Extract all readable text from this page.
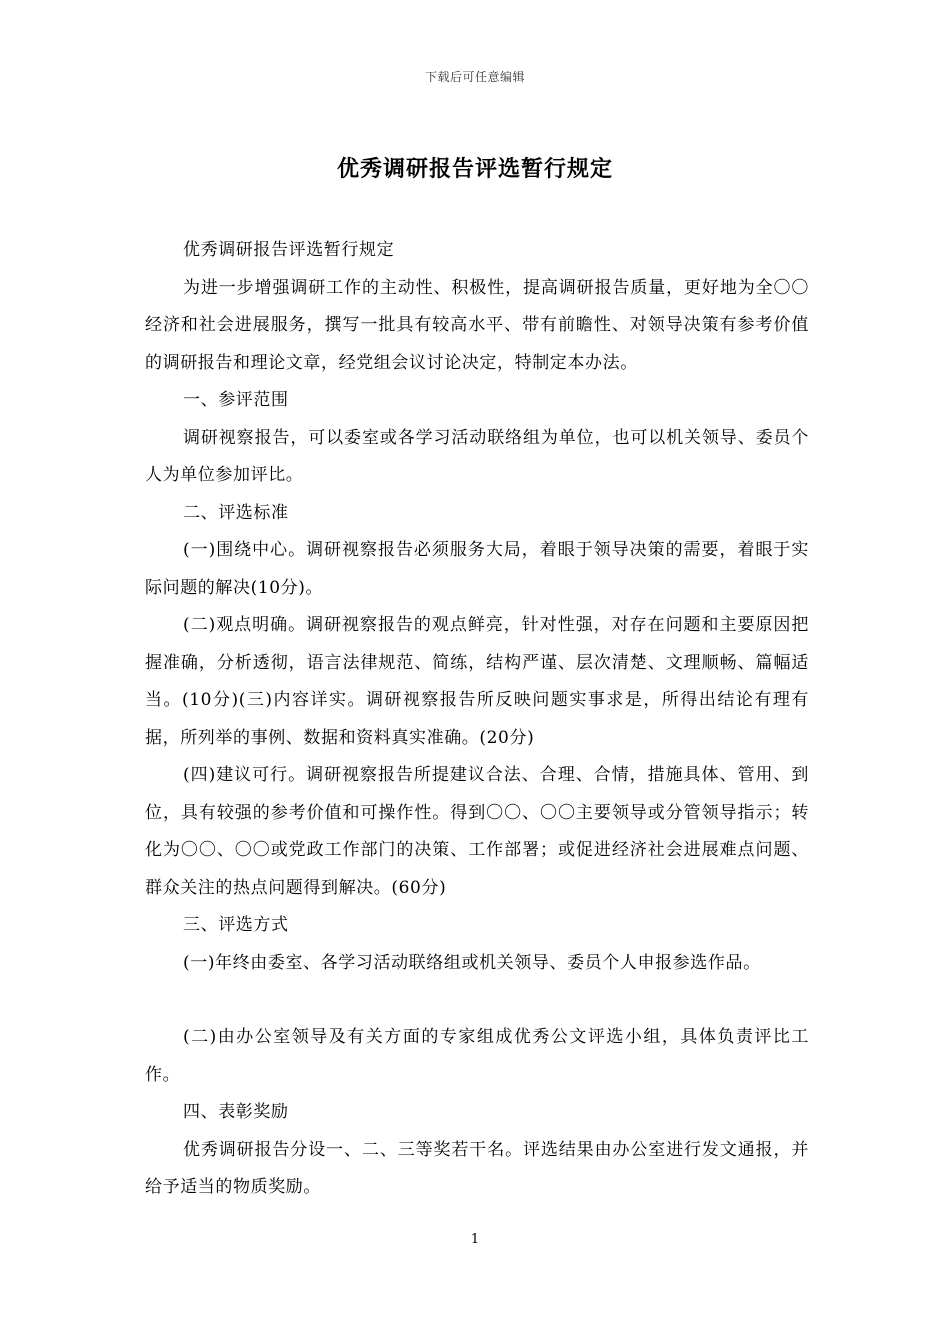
下载后可任意编辑
优秀调研报告评选暂行规定

优秀调研报告评选暂行规定

为进一步增强调研工作的主动性、积极性，提高调研报告质量，更好地为全〇〇经济和社会进展服务，撰写一批具有较高水平、带有前瞻性、对领导决策有参考价值的调研报告和理论文章，经党组会议讨论决定，特制定本办法。

一、参评范围

调研视察报告，可以委室或各学习活动联络组为单位，也可以机关领导、委员个人为单位参加评比。

二、评选标准

(一)围绕中心。调研视察报告必须服务大局，着眼于领导决策的需要，着眼于实际问题的解决(10分)。

(二)观点明确。调研视察报告的观点鲜亮，针对性强，对存在问题和主要原因把握准确，分析透彻，语言法律规范、简练，结构严谨、层次清楚、文理顺畅、篇幅适当。(10分)(三)内容详实。调研视察报告所反映问题实事求是，所得出结论有理有据，所列举的事例、数据和资料真实准确。(20分)

(四)建议可行。调研视察报告所提建议合法、合理、合情，措施具体、管用、到位，具有较强的参考价值和可操作性。得到〇〇、〇〇主要领导或分管领导指示；转化为〇〇、〇〇或党政工作部门的决策、工作部署；或促进经济社会进展难点问题、群众关注的热点问题得到解决。(60分)

三、评选方式

(一)年终由委室、各学习活动联络组或机关领导、委员个人申报参选作品。

(二)由办公室领导及有关方面的专家组成优秀公文评选小组，具体负责评比工作。

四、表彰奖励

优秀调研报告分设一、二、三等奖若干名。评选结果由办公室进行发文通报，并给予适当的物质奖励。

1
